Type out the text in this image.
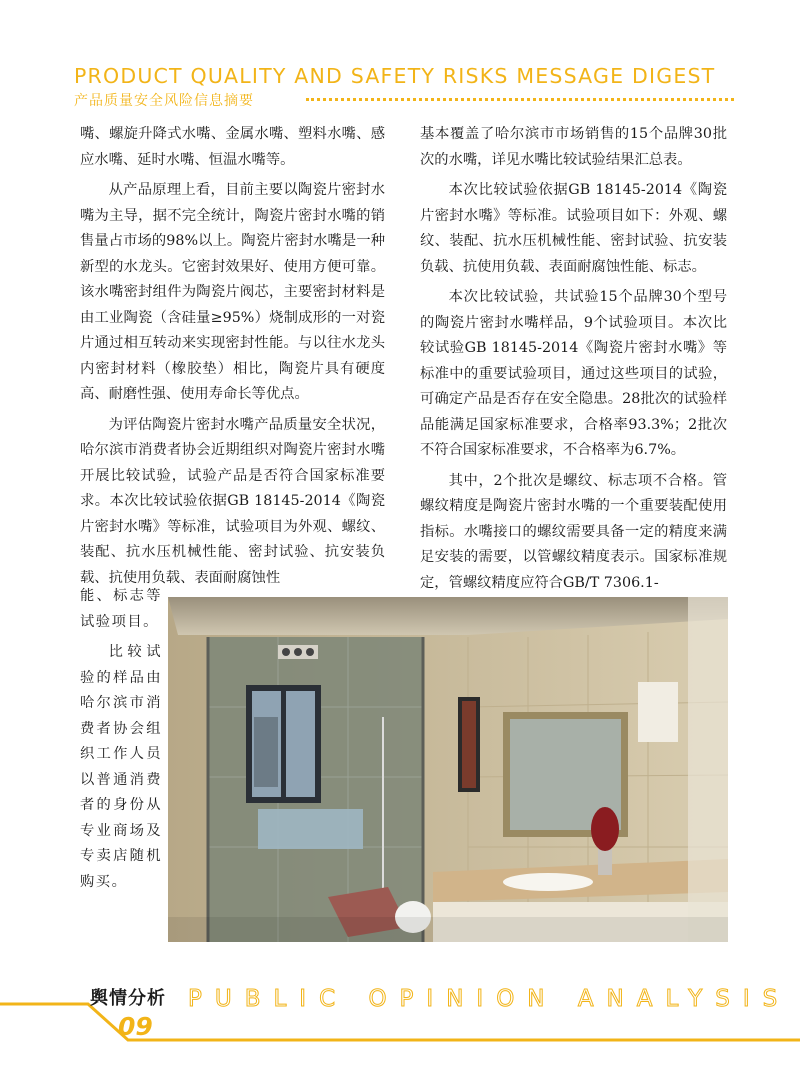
PRODUCT QUALITY AND SAFETY RISKS MESSAGE DIGEST
产品质量安全风险信息摘要

嘴、螺旋升降式水嘴、金属水嘴、塑料水嘴、感应水嘴、延时水嘴、恒温水嘴等。

从产品原理上看，目前主要以陶瓷片密封水嘴为主导，据不完全统计，陶瓷片密封水嘴的销售量占市场的98%以上。陶瓷片密封水嘴是一种新型的水龙头。它密封效果好、使用方便可靠。该水嘴密封组件为陶瓷片阀芯，主要密封材料是由工业陶瓷（含硅量≥95%）烧制成形的一对瓷片通过相互转动来实现密封性能。与以往水龙头内密封材料（橡胶垫）相比，陶瓷片具有硬度高、耐磨性强、使用寿命长等优点。

为评估陶瓷片密封水嘴产品质量安全状况，哈尔滨市消费者协会近期组织对陶瓷片密封水嘴开展比较试验，试验产品是否符合国家标准要求。本次比较试验依据GB 18145-2014《陶瓷片密封水嘴》等标准，试验项目为外观、螺纹、装配、抗水压机械性能、密封试验、抗安装负载、抗使用负载、表面耐腐蚀性

能、标志等试验项目。

比较试验的样品由哈尔滨市消费者协会组织工作人员以普通消费者的身份从专业商场及专卖店随机购买。

基本覆盖了哈尔滨市市场销售的15个品牌30批次的水嘴，详见水嘴比较试验结果汇总表。

本次比较试验依据GB 18145-2014《陶瓷片密封水嘴》等标准。试验项目如下：外观、螺纹、装配、抗水压机械性能、密封试验、抗安装负载、抗使用负载、表面耐腐蚀性能、标志。

本次比较试验，共试验15个品牌30个型号的陶瓷片密封水嘴样品，9个试验项目。本次比较试验GB 18145-2014《陶瓷片密封水嘴》等标准中的重要试验项目，通过这些项目的试验，可确定产品是否存在安全隐患。28批次的试验样品能满足国家标准要求，合格率93.3%；2批次不符合国家标准要求，不合格率为6.7%。

其中，2个批次是螺纹、标志项不合格。管螺纹精度是陶瓷片密封水嘴的一个重要装配使用指标。水嘴接口的螺纹需要具备一定的精度来满足安装的需要，以管螺纹精度表示。国家标准规定，管螺纹精度应符合GB/T 7306.1-

舆情分析 PUBLIC OPINION ANALYSIS
09
